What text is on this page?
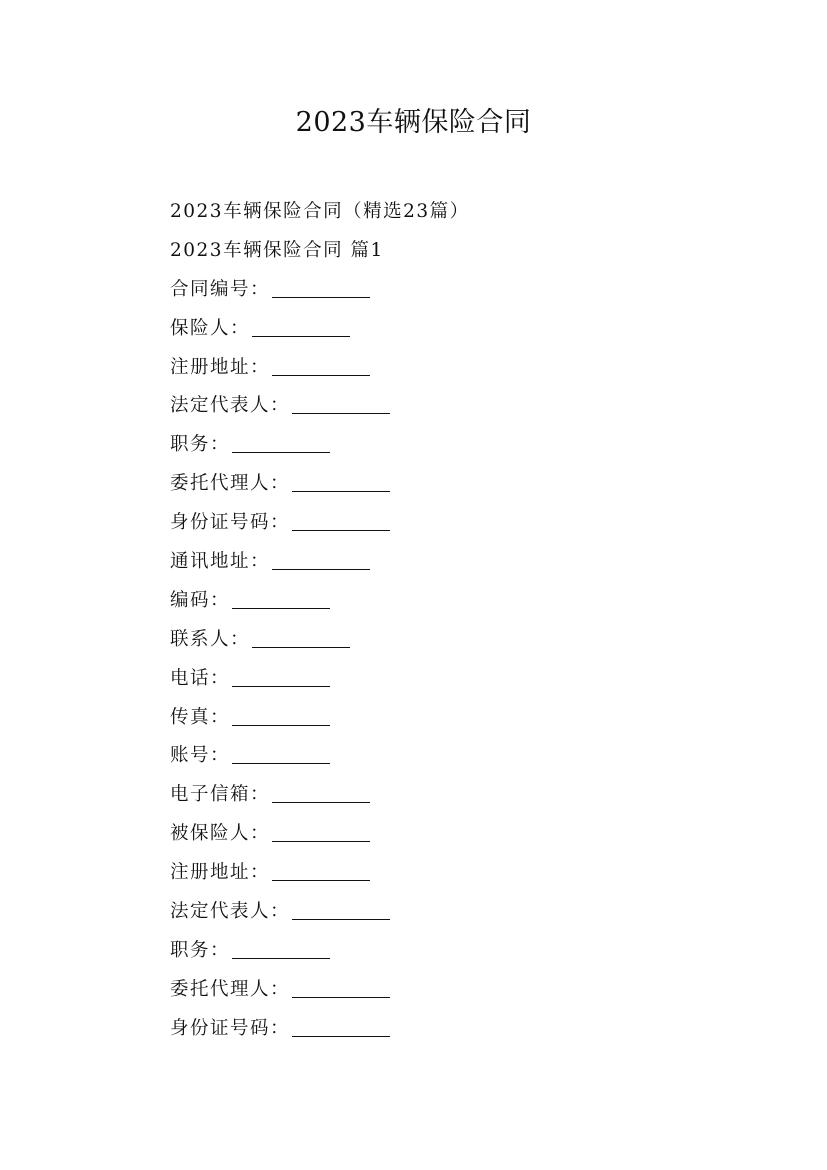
2023车辆保险合同
2023车辆保险合同（精选23篇）
2023车辆保险合同 篇1
合同编号：
保险人：
注册地址：
法定代表人：
职务：
委托代理人：
身份证号码：
通讯地址：
编码：
联系人：
电话：
传真：
账号：
电子信箱：
被保险人：
注册地址：
法定代表人：
职务：
委托代理人：
身份证号码：
